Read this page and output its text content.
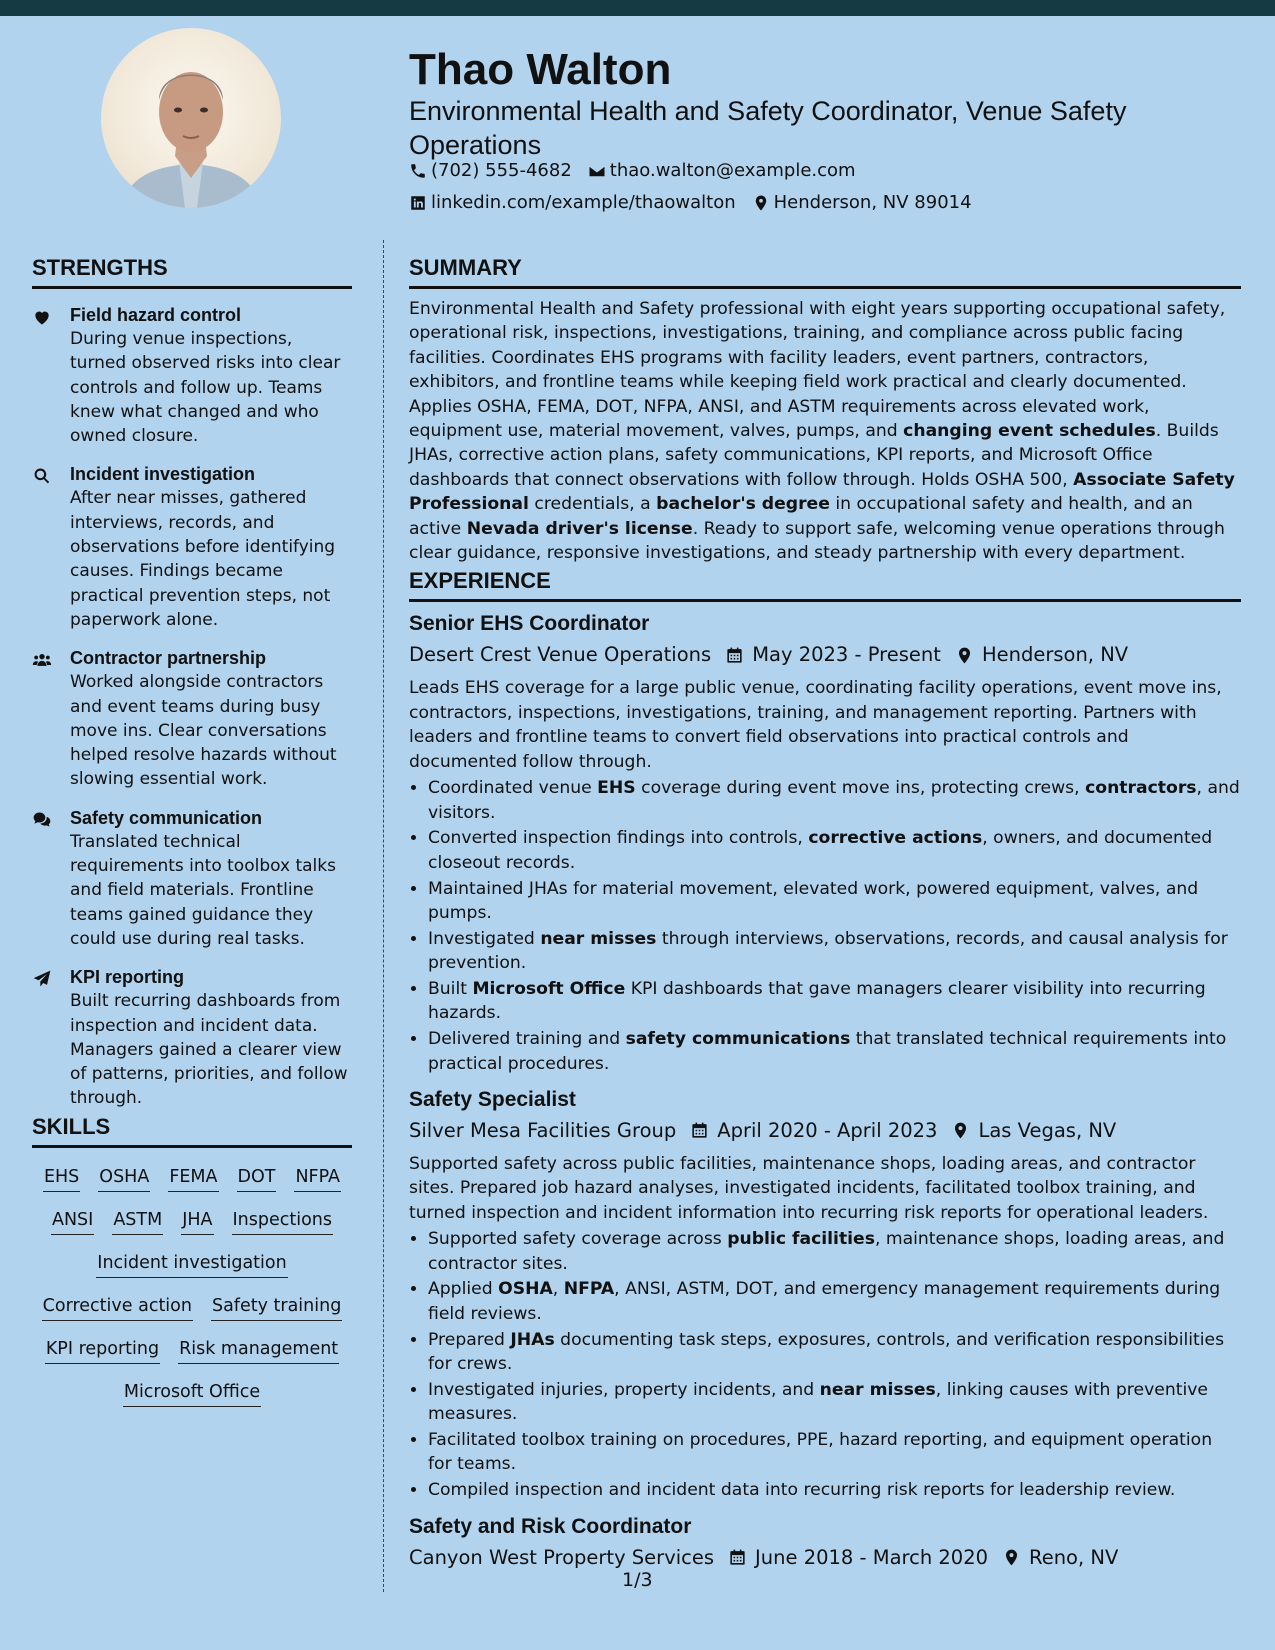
Thao Walton
Environmental Health and Safety Coordinator, Venue Safety Operations
(702) 555-4682 thao.walton@example.com
linkedin.com/example/thaowalton Henderson, NV 89014
STRENGTHS
Field hazard control
During venue inspections, turned observed risks into clear controls and follow up. Teams knew what changed and who owned closure.
Incident investigation
After near misses, gathered interviews, records, and observations before identifying causes. Findings became practical prevention steps, not paperwork alone.
Contractor partnership
Worked alongside contractors and event teams during busy move ins. Clear conversations helped resolve hazards without slowing essential work.
Safety communication
Translated technical requirements into toolbox talks and field materials. Frontline teams gained guidance they could use during real tasks.
KPI reporting
Built recurring dashboards from inspection and incident data. Managers gained a clearer view of patterns, priorities, and follow through.
SKILLS
EHS OSHA FEMA DOT NFPA
ANSI ASTM JHA Inspections
Incident investigation
Corrective action Safety training
KPI reporting Risk management
Microsoft Office
SUMMARY
Environmental Health and Safety professional with eight years supporting occupational safety, operational risk, inspections, investigations, training, and compliance across public facing facilities. Coordinates EHS programs with facility leaders, event partners, contractors, exhibitors, and frontline teams while keeping field work practical and clearly documented. Applies OSHA, FEMA, DOT, NFPA, ANSI, and ASTM requirements across elevated work, equipment use, material movement, valves, pumps, and changing event schedules. Builds JHAs, corrective action plans, safety communications, KPI reports, and Microsoft Office dashboards that connect observations with follow through. Holds OSHA 500, Associate Safety Professional credentials, a bachelor's degree in occupational safety and health, and an active Nevada driver's license. Ready to support safe, welcoming venue operations through clear guidance, responsive investigations, and steady partnership with every department.
EXPERIENCE
Senior EHS Coordinator
Desert Crest Venue Operations May 2023 - Present Henderson, NV
Leads EHS coverage for a large public venue, coordinating facility operations, event move ins, contractors, inspections, investigations, training, and management reporting. Partners with leaders and frontline teams to convert field observations into practical controls and documented follow through.
• Coordinated venue EHS coverage during event move ins, protecting crews, contractors, and visitors.
• Converted inspection findings into controls, corrective actions, owners, and documented closeout records.
• Maintained JHAs for material movement, elevated work, powered equipment, valves, and pumps.
• Investigated near misses through interviews, observations, records, and causal analysis for prevention.
• Built Microsoft Office KPI dashboards that gave managers clearer visibility into recurring hazards.
• Delivered training and safety communications that translated technical requirements into practical procedures.
Safety Specialist
Silver Mesa Facilities Group April 2020 - April 2023 Las Vegas, NV
Supported safety across public facilities, maintenance shops, loading areas, and contractor sites. Prepared job hazard analyses, investigated incidents, facilitated toolbox training, and turned inspection and incident information into recurring risk reports for operational leaders.
• Supported safety coverage across public facilities, maintenance shops, loading areas, and contractor sites.
• Applied OSHA, NFPA, ANSI, ASTM, DOT, and emergency management requirements during field reviews.
• Prepared JHAs documenting task steps, exposures, controls, and verification responsibilities for crews.
• Investigated injuries, property incidents, and near misses, linking causes with preventive measures.
• Facilitated toolbox training on procedures, PPE, hazard reporting, and equipment operation for teams.
• Compiled inspection and incident data into recurring risk reports for leadership review.
Safety and Risk Coordinator
Canyon West Property Services June 2018 - March 2020 Reno, NV
1/3
